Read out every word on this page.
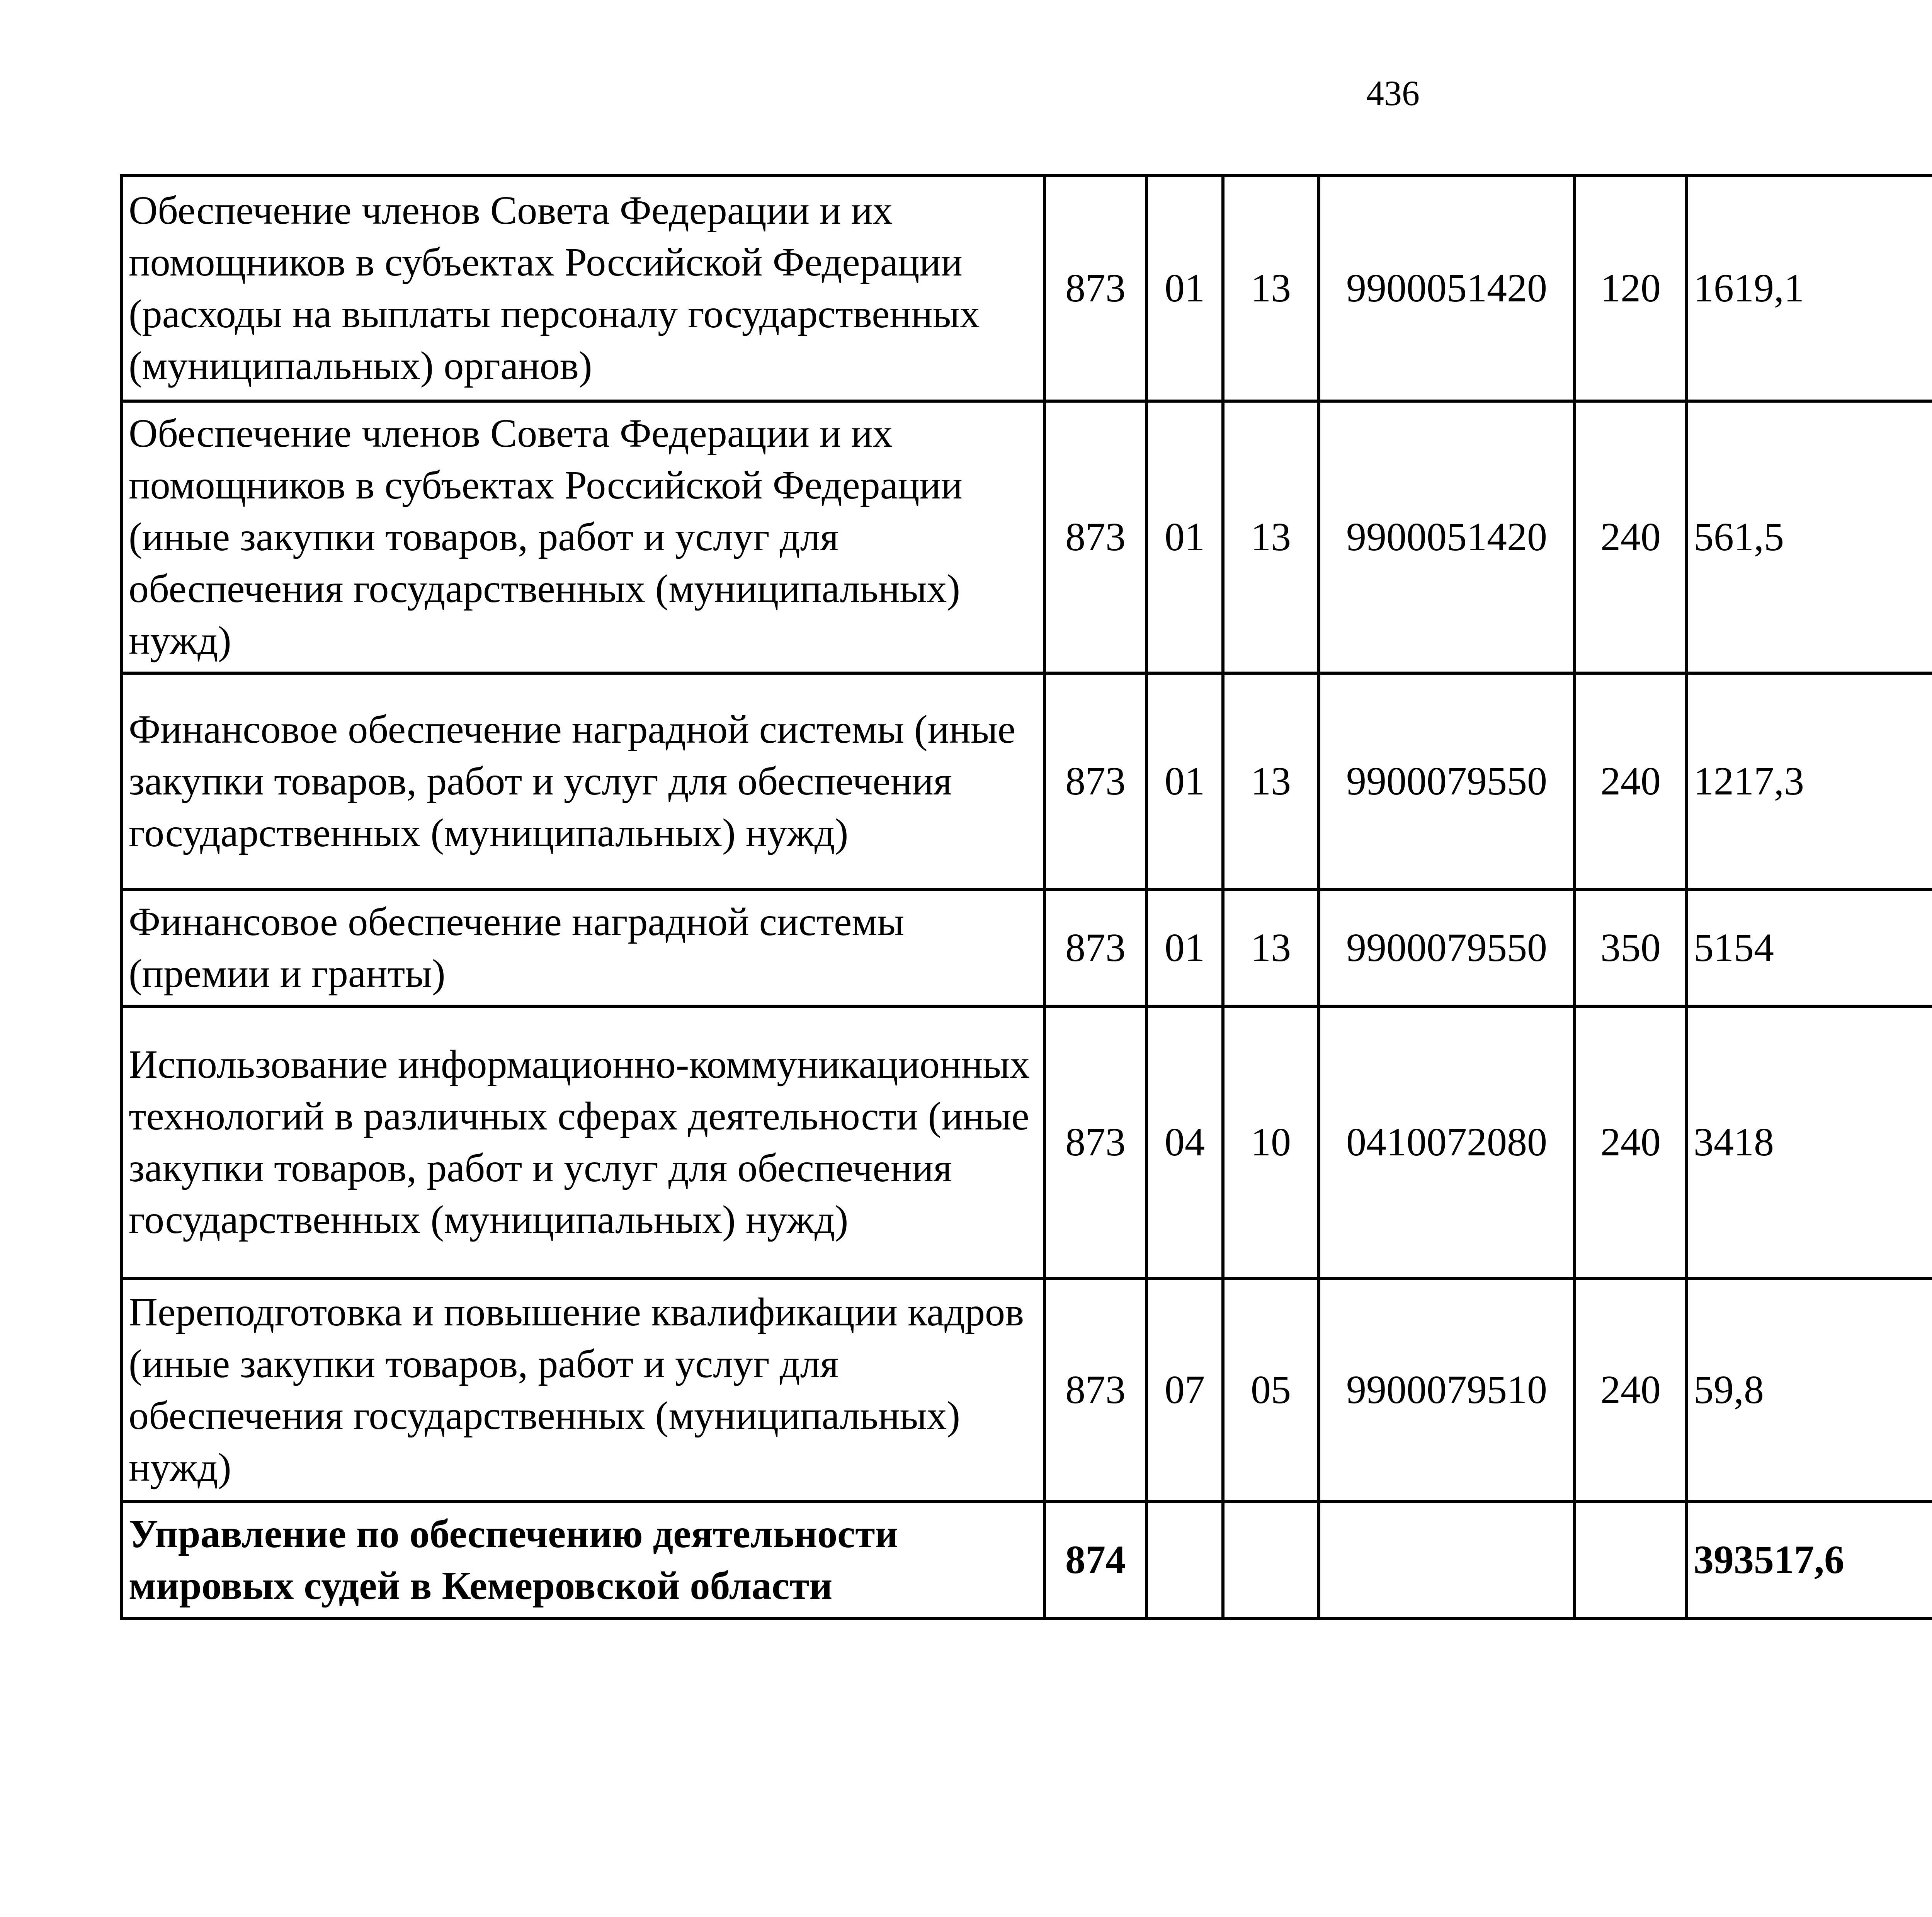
436
Обеспечение членов Совета Федерации и их помощников в субъектах Российской Федерации (расходы на выплаты персоналу государственных (муниципальных) органов)	873	01	13	9900051420	120	1619,1		
Обеспечение членов Совета Федерации и их помощников в субъектах Российской Федерации (иные закупки товаров, работ и услуг для обеспечения государственных (муниципальных) нужд)	873	01	13	9900051420	240	561,5		
Финансовое обеспечение наградной системы (иные закупки товаров, работ и услуг для обеспечения государственных (муниципальных) нужд)	873	01	13	9900079550	240	1217,3		
Финансовое обеспечение наградной системы (премии и гранты)	873	01	13	9900079550	350	5154		
Использование информационно-коммуникационных технологий в различных сферах деятельности (иные закупки товаров, работ и услуг для обеспечения государственных (муниципальных) нужд)	873	04	10	0410072080	240	3418		
Переподготовка и повышение квалификации кадров (иные закупки товаров, работ и услуг для обеспечения государственных (муниципальных) нужд)	873	07	05	9900079510	240	59,8		
Управление по обеспечению деятельности мировых судей в Кемеровской области	874					393517,6		
